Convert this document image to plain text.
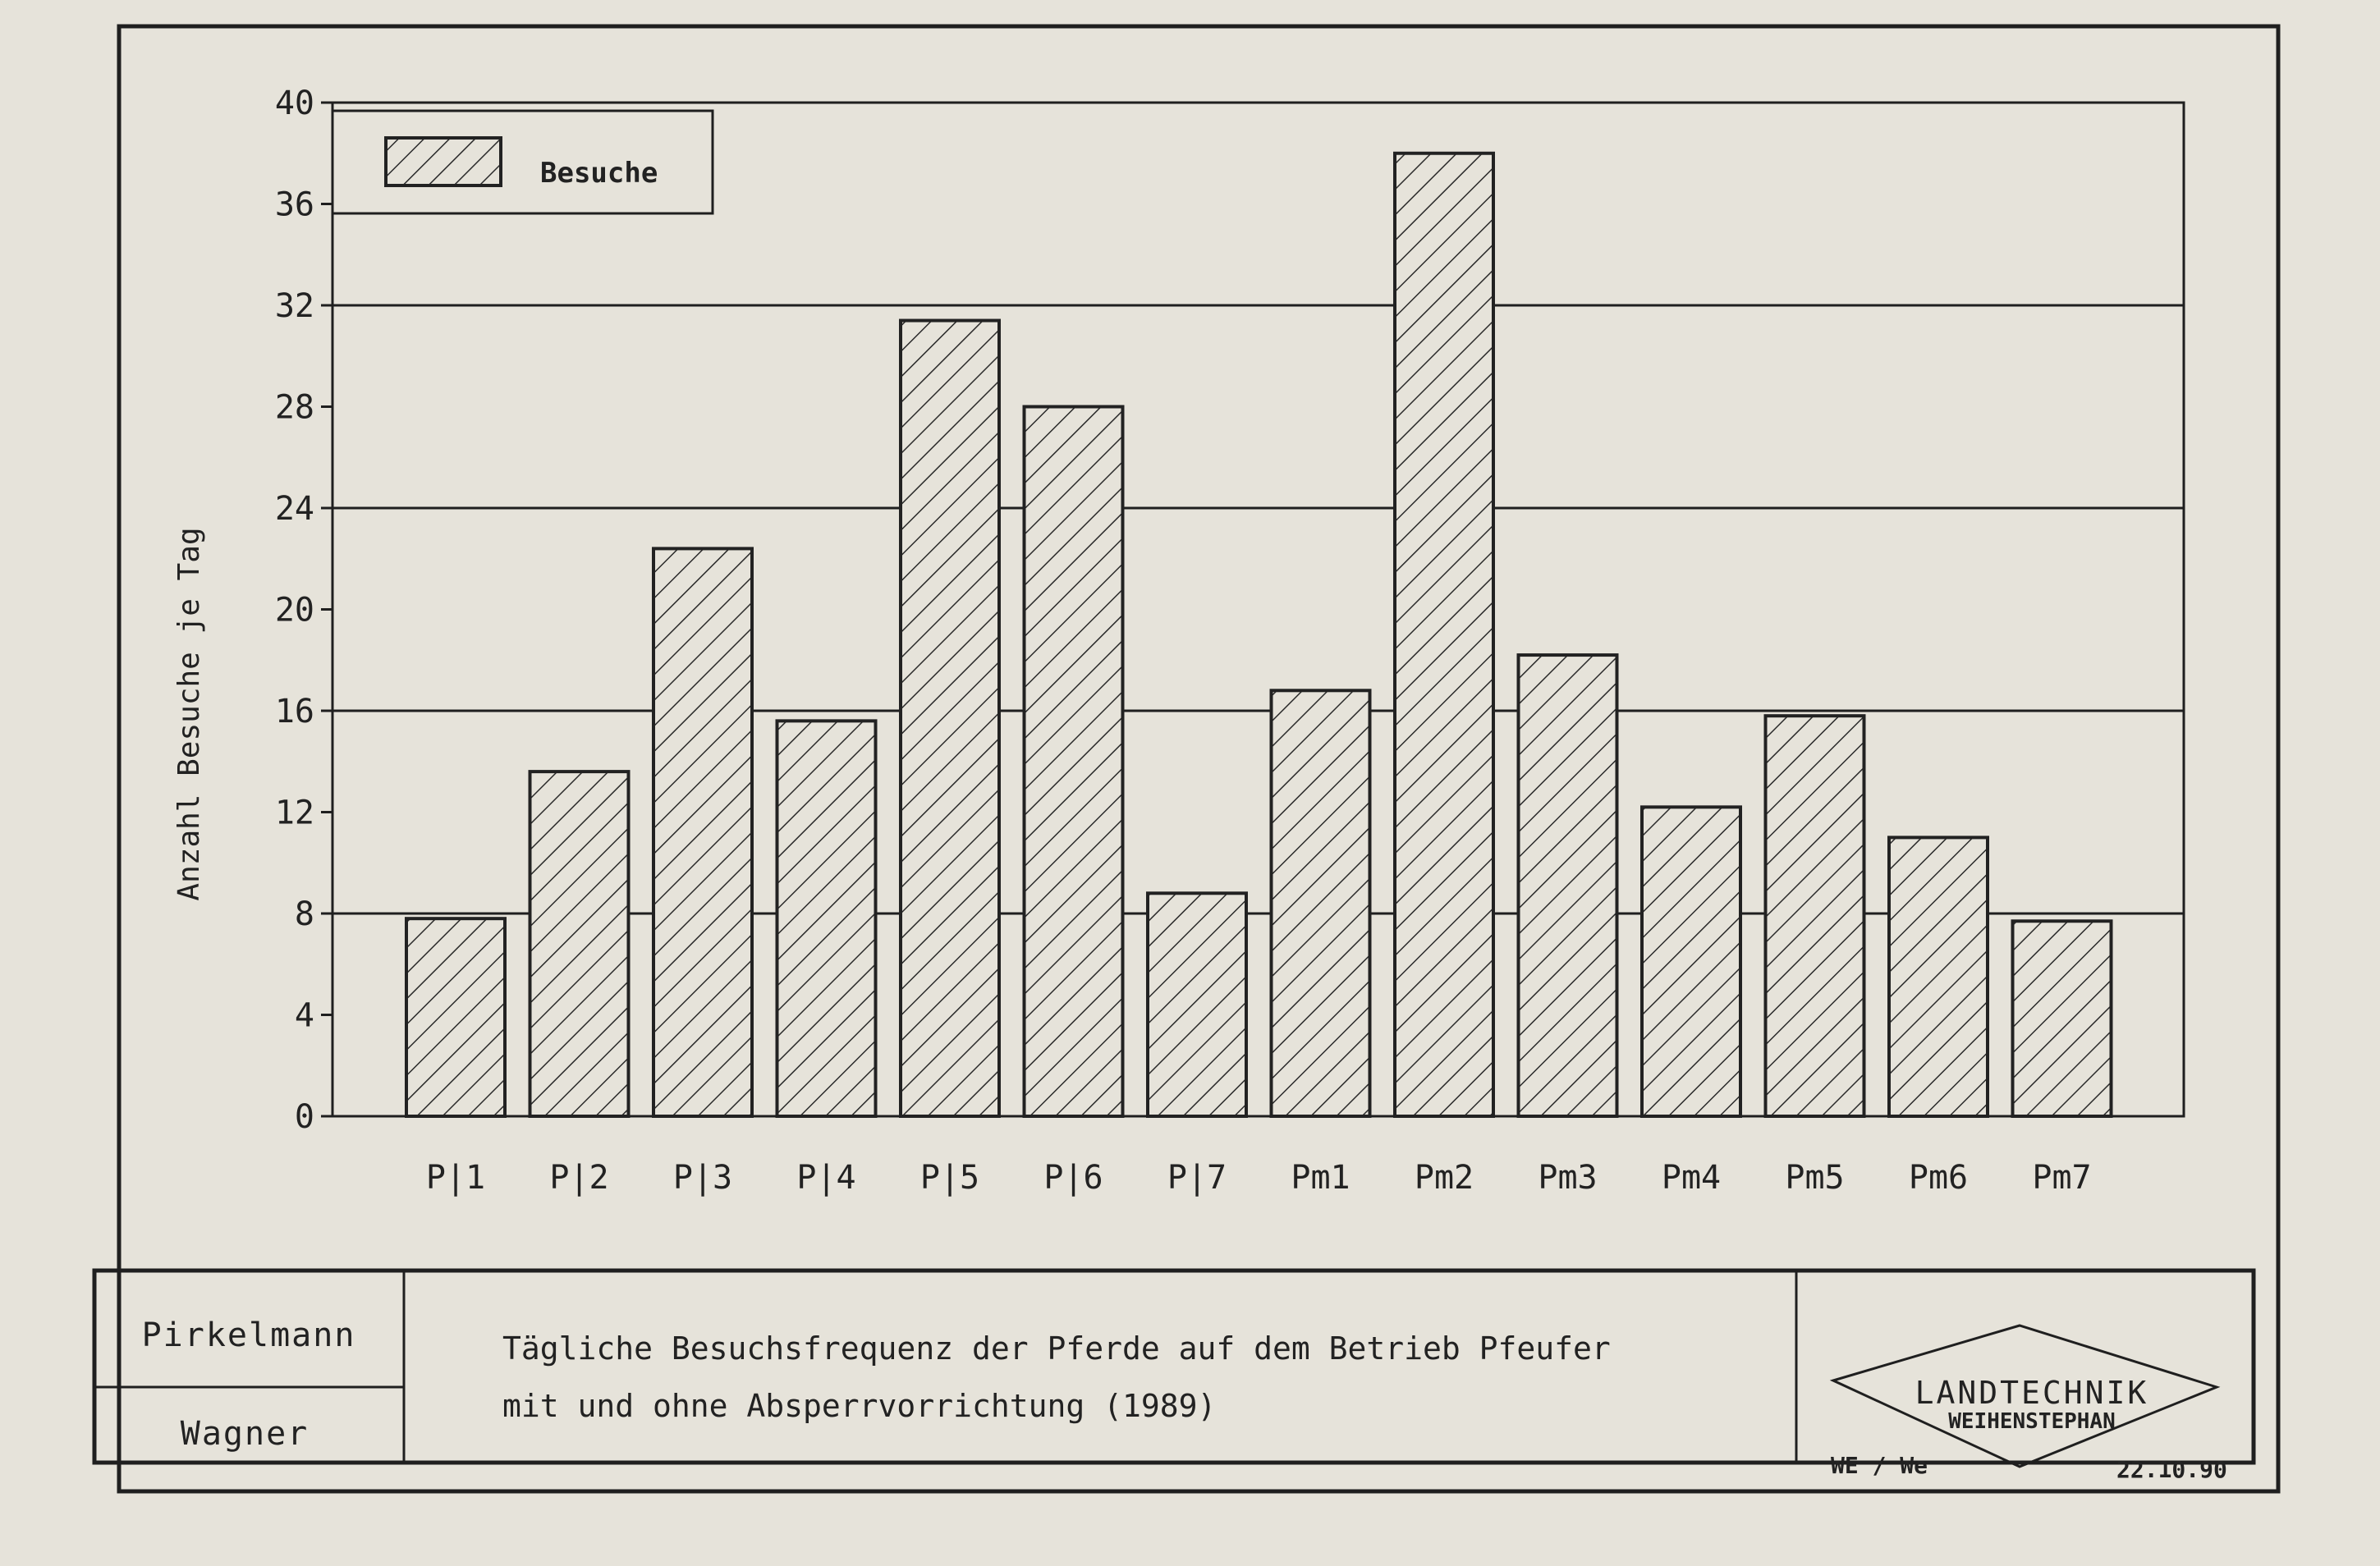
0
4
8
12
16
20
24
28
32
36
40
Anzahl Besuche je Tag
Besuche
P|1 P|2 P|3 P|4 P|5 P|6 P|7 Pm1 Pm2 Pm3 Pm4 Pm5 Pm6 Pm7
Pirkelmann
Wagner
Tägliche Besuchsfrequenz der Pferde auf dem Betrieb Pfeufer
mit und ohne Absperrvorrichtung (1989)	LANDTECHNIK
WEIHENSTEPHAN
WE / We	22.10.90
